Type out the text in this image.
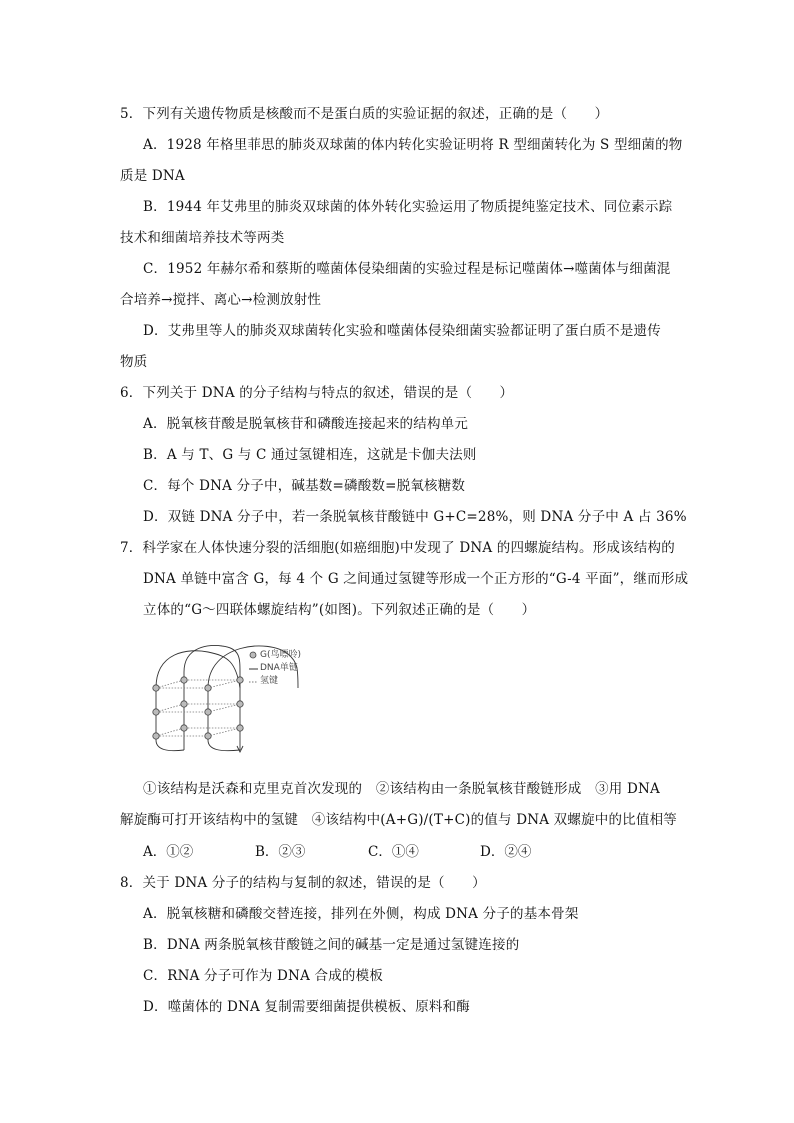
5．下列有关遗传物质是核酸而不是蛋白质的实验证据的叙述，正确的是（　　）
A．1928 年格里菲思的肺炎双球菌的体内转化实验证明将 R 型细菌转化为 S 型细菌的物
质是 DNA
B．1944 年艾弗里的肺炎双球菌的体外转化实验运用了物质提纯鉴定技术、同位素示踪
技术和细菌培养技术等两类
C．1952 年赫尔希和蔡斯的噬菌体侵染细菌的实验过程是标记噬菌体→噬菌体与细菌混
合培养→搅拌、离心→检测放射性
D．艾弗里等人的肺炎双球菌转化实验和噬菌体侵染细菌实验都证明了蛋白质不是遗传
物质
6．下列关于 DNA 的分子结构与特点的叙述，错误的是（　　）
A．脱氧核苷酸是脱氧核苷和磷酸连接起来的结构单元
B．A 与 T、G 与 C 通过氢键相连，这就是卡伽夫法则
C．每个 DNA 分子中，碱基数=磷酸数=脱氧核糖数
D．双链 DNA 分子中，若一条脱氧核苷酸链中 G+C=28%，则 DNA 分子中 A 占 36%
7．科学家在人体快速分裂的活细胞(如癌细胞)中发现了 DNA 的四螺旋结构。形成该结构的
DNA 单链中富含 G，每 4 个 G 之间通过氢键等形成一个正方形的“G-4 平面”，继而形成
立体的“G～四联体螺旋结构”(如图)。下列叙述正确的是（　　）
G(鸟嘌呤)
DNA单链
氢键
①该结构是沃森和克里克首次发现的　②该结构由一条脱氧核苷酸链形成　③用 DNA
解旋酶可打开该结构中的氢键　④该结构中(A+G)/(T+C)的值与 DNA 双螺旋中的比值相等
A．①②	B．②③	C．①④	D．②④
8．关于 DNA 分子的结构与复制的叙述，错误的是（　　）
A．脱氧核糖和磷酸交替连接，排列在外侧，构成 DNA 分子的基本骨架
B．DNA 两条脱氧核苷酸链之间的碱基一定是通过氢键连接的
C．RNA 分子可作为 DNA 合成的模板
D．噬菌体的 DNA 复制需要细菌提供模板、原料和酶
